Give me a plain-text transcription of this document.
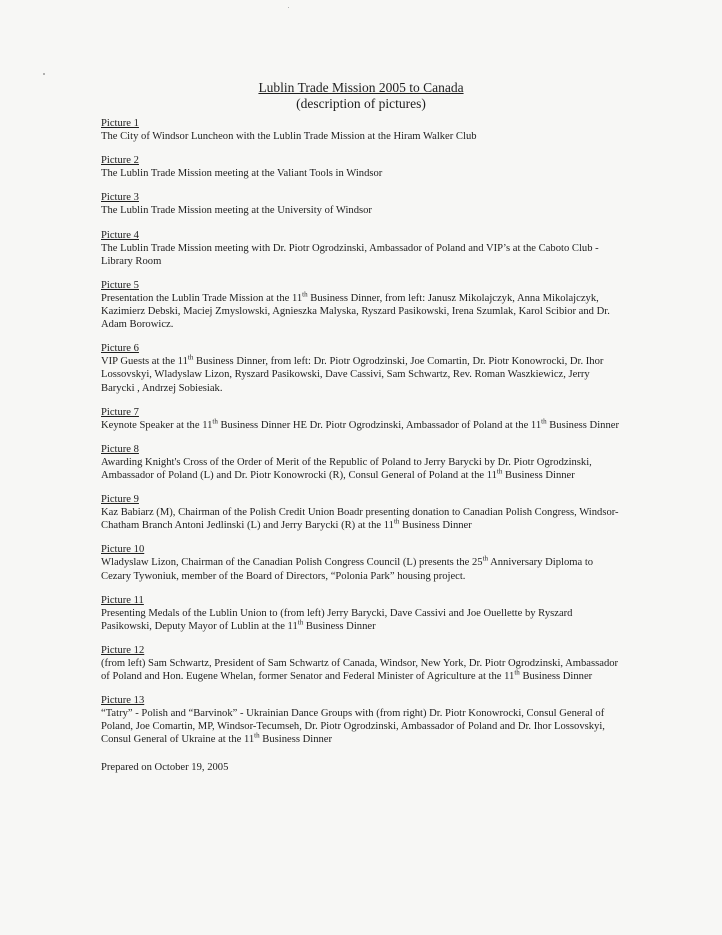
Lublin Trade Mission 2005 to Canada
(description of pictures)
Picture 1
The City of Windsor Luncheon with the Lublin Trade Mission at the Hiram Walker Club
Picture 2
The Lublin Trade Mission meeting at the Valiant Tools in Windsor
Picture 3
The Lublin Trade Mission meeting at the University of Windsor
Picture 4
The Lublin Trade Mission meeting with Dr. Piotr Ogrodzinski, Ambassador of Poland and VIP’s at the Caboto Club - Library Room
Picture 5
Presentation the Lublin Trade Mission at the 11th Business Dinner, from left: Janusz Mikolajczyk, Anna Mikolajczyk, Kazimierz Debski, Maciej Zmyslowski, Agnieszka Malyska, Ryszard Pasikowski, Irena Szumlak, Karol Scibior and Dr. Adam Borowicz.
Picture 6
VIP Guests at the 11th Business Dinner, from left: Dr. Piotr Ogrodzinski, Joe Comartin, Dr. Piotr Konowrocki, Dr. Ihor Lossovskyi, Wladyslaw Lizon, Ryszard Pasikowski, Dave Cassivi, Sam Schwartz, Rev. Roman Waszkiewicz, Jerry Barycki , Andrzej Sobiesiak.
Picture 7
Keynote Speaker at the 11th Business Dinner HE Dr. Piotr Ogrodzinski, Ambassador of Poland at the 11th Business Dinner
Picture 8
Awarding Knight's Cross of the Order of Merit of the Republic of Poland to Jerry Barycki by Dr. Piotr Ogrodzinski, Ambassador of Poland (L) and Dr. Piotr Konowrocki (R), Consul General of Poland at the 11th Business Dinner
Picture 9
Kaz Babiarz (M), Chairman of the Polish Credit Union Boadr presenting donation to Canadian Polish Congress, Windsor-Chatham Branch Antoni Jedlinski (L) and Jerry Barycki (R) at the 11th Business Dinner
Picture 10
Wladyslaw Lizon, Chairman of the Canadian Polish Congress Council (L) presents the 25th Anniversary Diploma to Cezary Tywoniuk, member of the Board of Directors, “Polonia Park” housing project.
Picture 11
Presenting Medals of the Lublin Union to (from left) Jerry Barycki, Dave Cassivi and Joe Ouellette by Ryszard Pasikowski, Deputy Mayor of Lublin at the 11th Business Dinner
Picture 12
(from left) Sam Schwartz, President of Sam Schwartz of Canada, Windsor, New York, Dr. Piotr Ogrodzinski, Ambassador of Poland and Hon. Eugene Whelan, former Senator and Federal Minister of Agriculture at the 11th Business Dinner
Picture 13
“Tatry” - Polish and “Barvinok” - Ukrainian Dance Groups with (from right) Dr. Piotr Konowrocki, Consul General of Poland, Joe Comartin, MP, Windsor-Tecumseh, Dr. Piotr Ogrodzinski, Ambassador of Poland and Dr. Ihor Lossovskyi, Consul General of Ukraine at the 11th Business Dinner
Prepared on October 19, 2005
